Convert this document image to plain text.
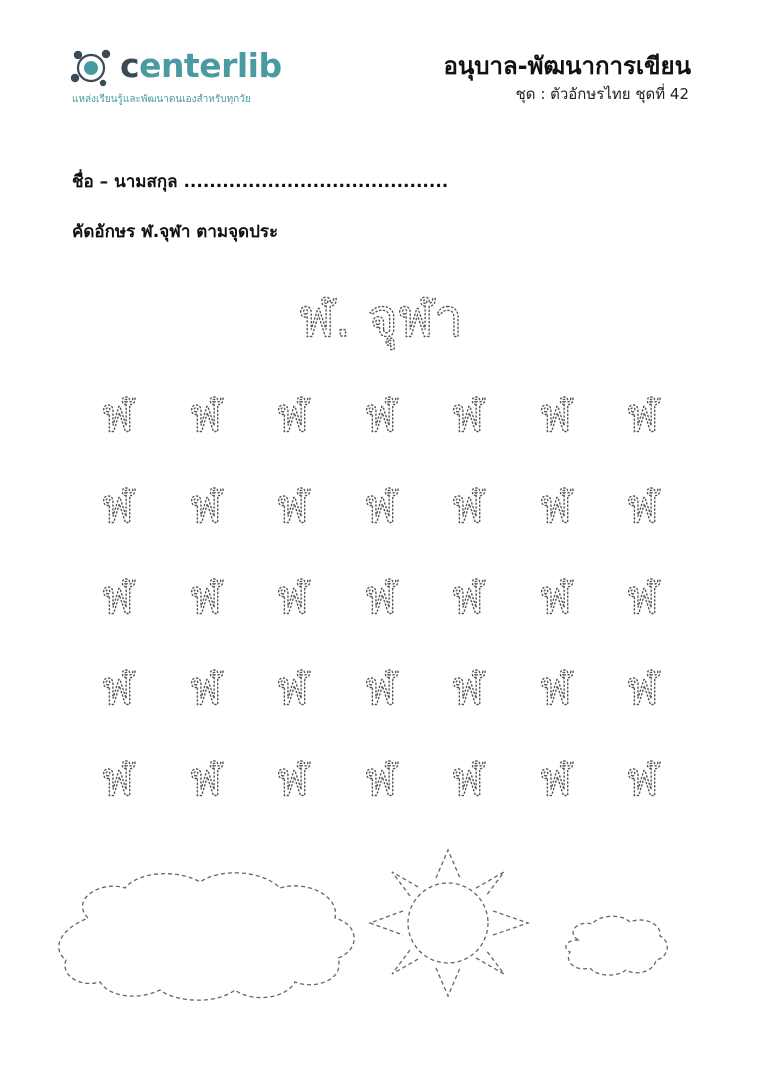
centerlib
แหล่งเรียนรู้และพัฒนาตนเองสำหรับทุกวัย
อนุบาล-พัฒนาการเขียน
ชุด : ตัวอักษรไทย ชุดที่ 42
ชื่อ – นามสกุล .........................................
คัดอักษร ฬ.จุฬา ตามจุดประ
ฬ. จุฬา
ฬ ฬ ฬ ฬ ฬ ฬ ฬ
ฬ ฬ ฬ ฬ ฬ ฬ ฬ
ฬ ฬ ฬ ฬ ฬ ฬ ฬ
ฬ ฬ ฬ ฬ ฬ ฬ ฬ
ฬ ฬ ฬ ฬ ฬ ฬ ฬ
